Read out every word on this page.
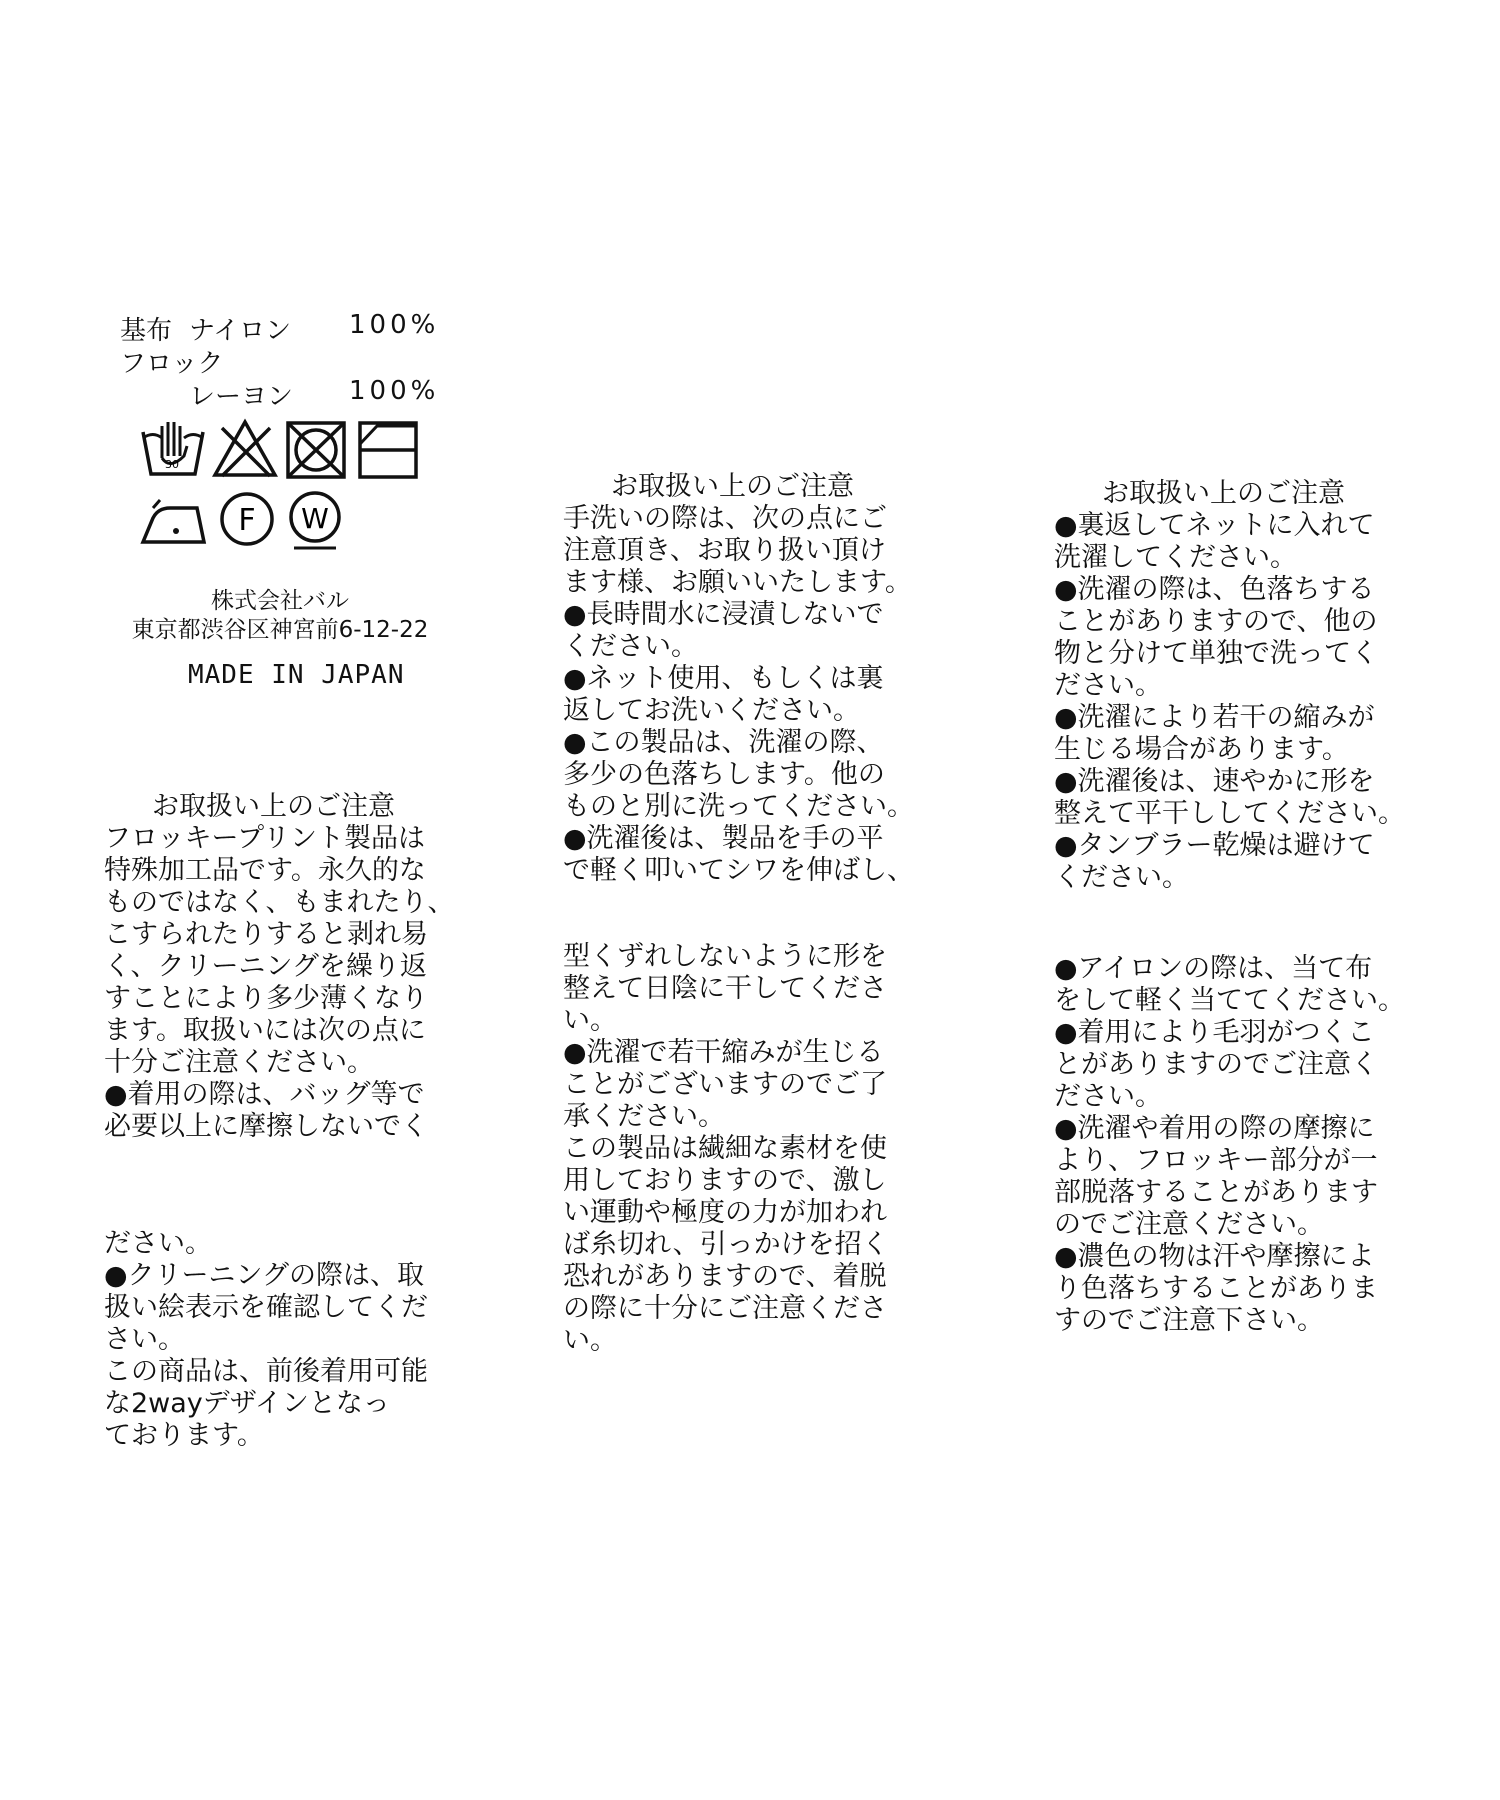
基布 ナイロン 100%
フロック
レーヨン 100%
30
F W
株式会社バル
東京都渋谷区神宮前6-12-22
MADE IN JAPAN
お取扱い上のご注意
フロッキープリント製品は
特殊加工品です。永久的な
ものではなく、もまれたり、
こすられたりすると剥れ易
く、クリーニングを繰り返
すことにより多少薄くなり
ます。取扱いには次の点に
十分ご注意ください。
●着用の際は、バッグ等で
必要以上に摩擦しないでく
ださい。
●クリーニングの際は、取
扱い絵表示を確認してくだ
さい。
この商品は、前後着用可能
な2wayデザインとなっ
ております。
お取扱い上のご注意
手洗いの際は、次の点にご
注意頂き、お取り扱い頂け
ます様、お願いいたします。
●長時間水に浸漬しないで
ください。
●ネット使用、もしくは裏
返してお洗いください。
●この製品は、洗濯の際、
多少の色落ちします。他の
ものと別に洗ってください。
●洗濯後は、製品を手の平
で軽く叩いてシワを伸ばし、
型くずれしないように形を
整えて日陰に干してくださ
い。
●洗濯で若干縮みが生じる
ことがございますのでご了
承ください。
この製品は繊細な素材を使
用しておりますので、激し
い運動や極度の力が加われ
ば糸切れ、引っかけを招く
恐れがありますので、着脱
の際に十分にご注意くださ
い。
お取扱い上のご注意
●裏返してネットに入れて
洗濯してください。
●洗濯の際は、色落ちする
ことがありますので、他の
物と分けて単独で洗ってく
ださい。
●洗濯により若干の縮みが
生じる場合があります。
●洗濯後は、速やかに形を
整えて平干ししてください。
●タンブラー乾燥は避けて
ください。
●アイロンの際は、当て布
をして軽く当ててください。
●着用により毛羽がつくこ
とがありますのでご注意く
ださい。
●洗濯や着用の際の摩擦に
より、フロッキー部分が一
部脱落することがあります
のでご注意ください。
●濃色の物は汗や摩擦によ
り色落ちすることがありま
すのでご注意下さい。
